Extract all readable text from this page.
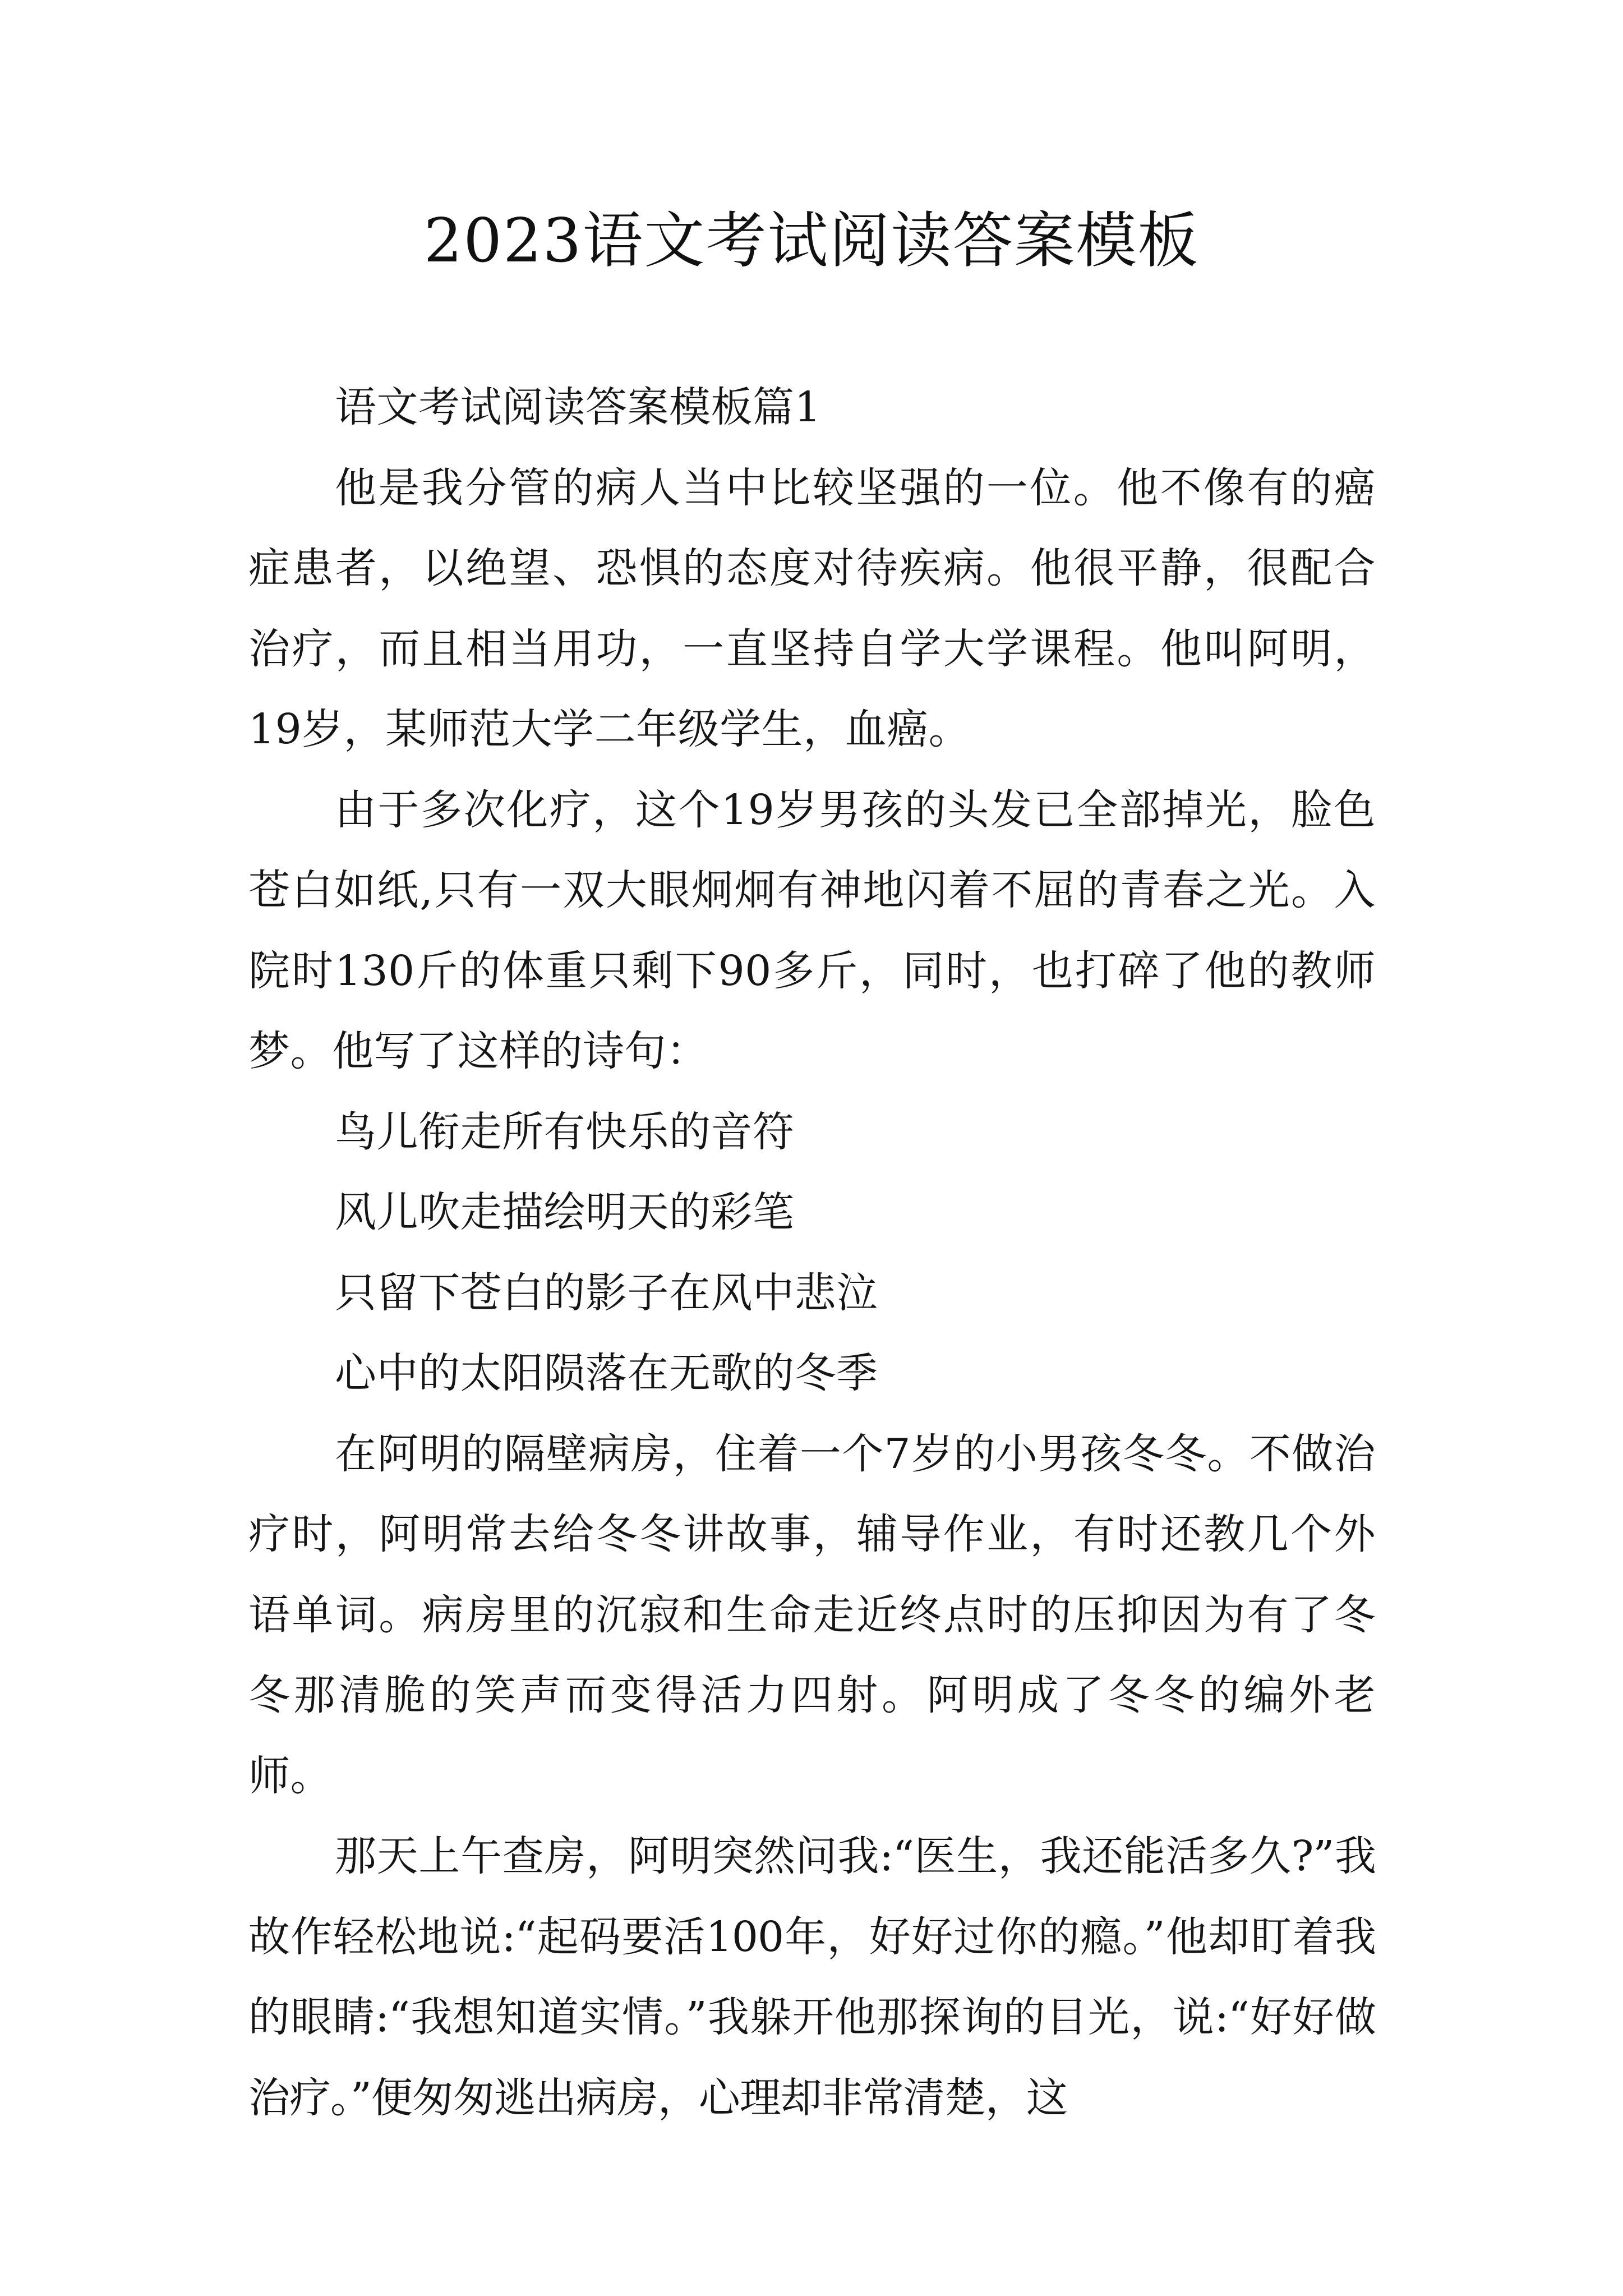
2023语文考试阅读答案模板

语文考试阅读答案模板篇1

他是我分管的病人当中比较坚强的一位。他不像有的癌症患者，以绝望、恐惧的态度对待疾病。他很平静，很配合治疗，而且相当用功，一直坚持自学大学课程。他叫阿明，19岁，某师范大学二年级学生，血癌。

由于多次化疗，这个19岁男孩的头发已全部掉光，脸色苍白如纸,只有一双大眼炯炯有神地闪着不屈的青春之光。入院时130斤的体重只剩下90多斤，同时，也打碎了他的教师梦。他写了这样的诗句：

鸟儿衔走所有快乐的音符

风儿吹走描绘明天的彩笔

只留下苍白的影子在风中悲泣

心中的太阳陨落在无歌的冬季

在阿明的隔壁病房，住着一个7岁的小男孩冬冬。不做治疗时，阿明常去给冬冬讲故事，辅导作业，有时还教几个外语单词。病房里的沉寂和生命走近终点时的压抑因为有了冬冬那清脆的笑声而变得活力四射。阿明成了冬冬的编外老师。

那天上午查房，阿明突然问我:“医生，我还能活多久?”我故作轻松地说:“起码要活100年，好好过你的瘾。”他却盯着我的眼睛:“我想知道实情。”我躲开他那探询的目光，说:“好好做治疗。”便匆匆逃出病房，心理却非常清楚，这
